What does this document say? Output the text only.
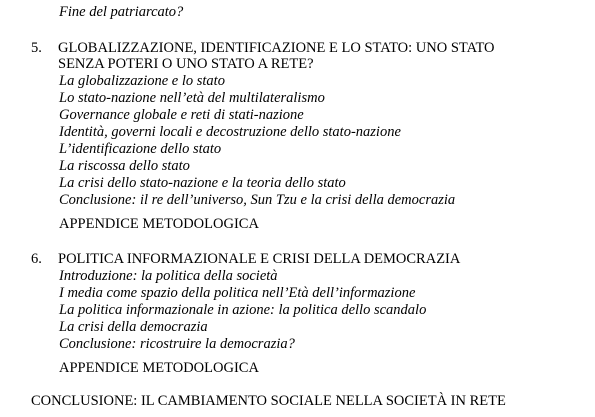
Fine del patriarcato?
5. GLOBALIZZAZIONE, IDENTIFICAZIONE E LO STATO: UNO STATO
SENZA POTERI O UNO STATO A RETE?
La globalizzazione e lo stato
Lo stato-nazione nell’età del multilateralismo
Governance globale e reti di stati-nazione
Identità, governi locali e decostruzione dello stato-nazione
L’identificazione dello stato
La riscossa dello stato
La crisi dello stato-nazione e la teoria dello stato
Conclusione: il re dell’universo, Sun Tzu e la crisi della democrazia
APPENDICE METODOLOGICA
6. POLITICA INFORMAZIONALE E CRISI DELLA DEMOCRAZIA
Introduzione: la politica della società
I media come spazio della politica nell’Età dell’informazione
La politica informazionale in azione: la politica dello scandalo
La crisi della democrazia
Conclusione: ricostruire la democrazia?
APPENDICE METODOLOGICA
CONCLUSIONE: IL CAMBIAMENTO SOCIALE NELLA SOCIETÀ IN RETE
